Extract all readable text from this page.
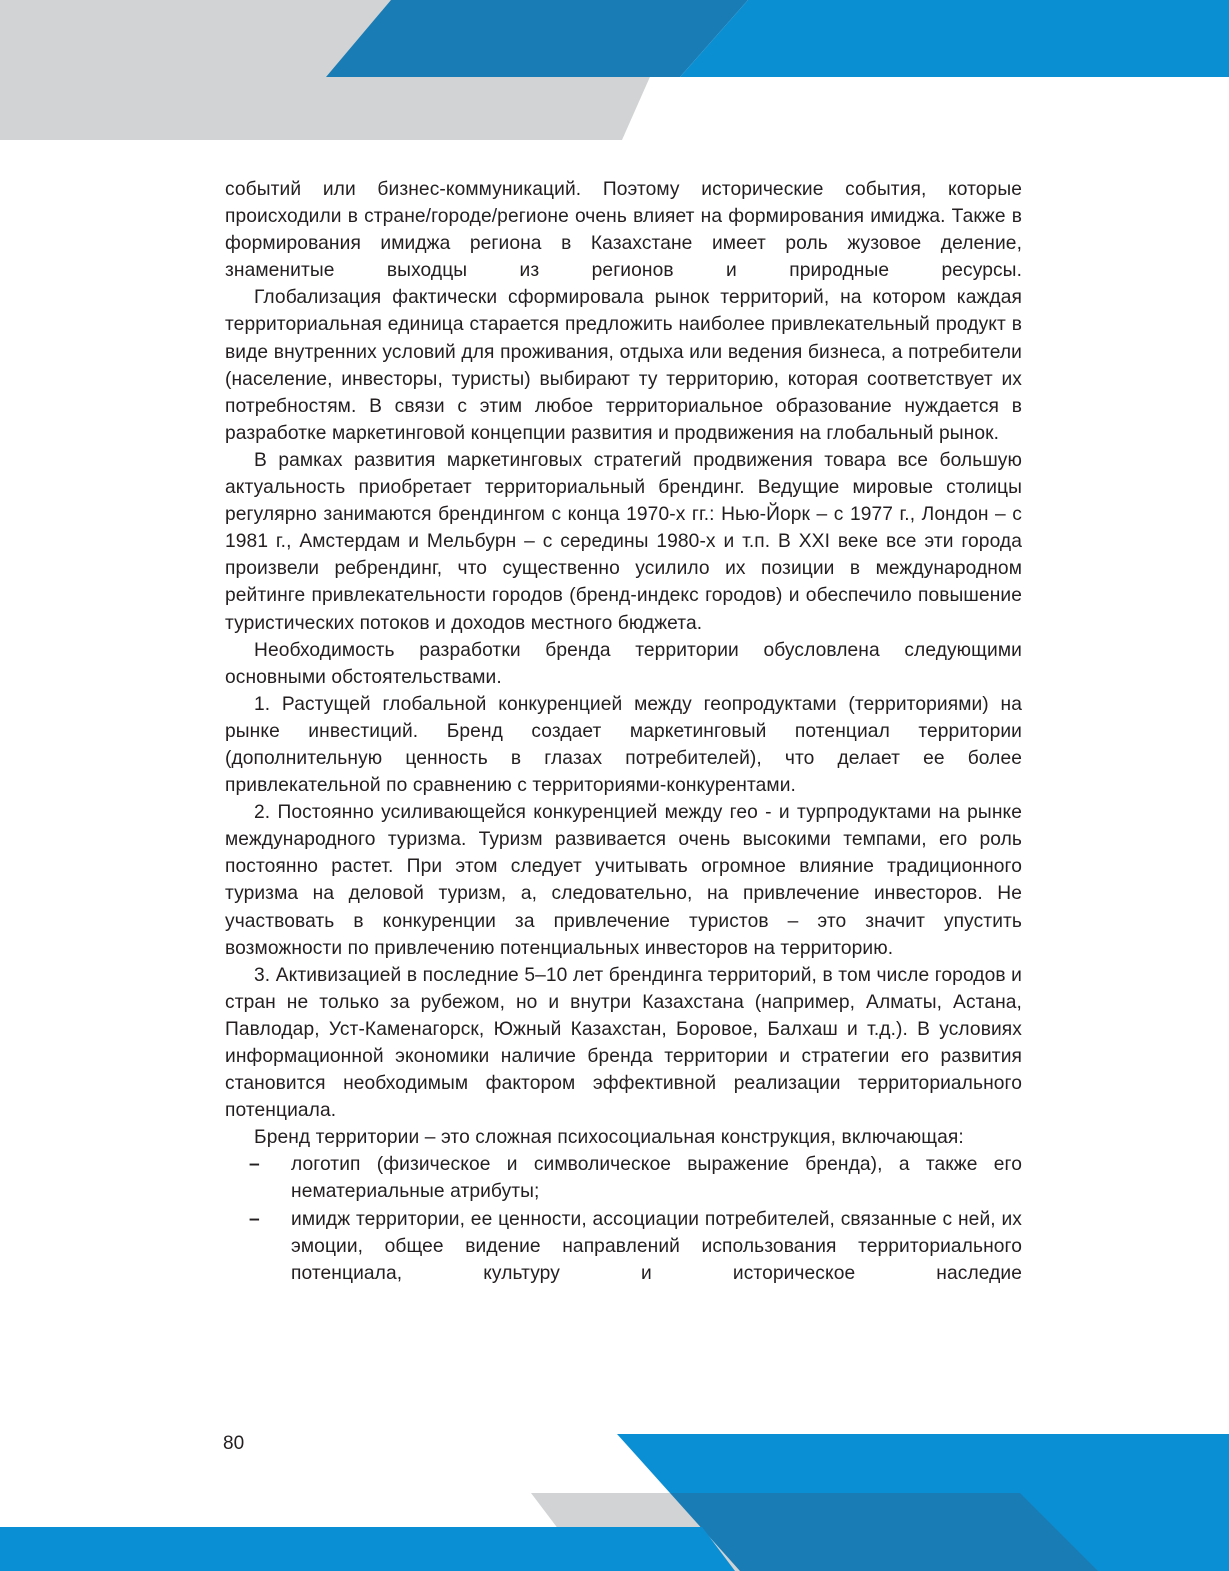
событий или бизнес-коммуникаций. Поэтому исторические события, которые происходили в стране/городе/регионе очень влияет на формирования имиджа. Также в формирования имиджа региона в Казахстане имеет роль жузовое деление, знаменитые выходцы из регионов и природные ресурсы.

Глобализация фактически сформировала рынок территорий, на котором каждая территориальная единица старается предложить наиболее привлекательный продукт в виде внутренних условий для проживания, отдыха или ведения бизнеса, а потребители (население, инвесторы, туристы) выбирают ту территорию, которая соответствует их потребностям. В связи с этим любое территориальное образование нуждается в разработке маркетинговой концепции развития и продвижения на глобальный рынок.

В рамках развития маркетинговых стратегий продвижения товара все большую актуальность приобретает территориальный брендинг. Ведущие мировые столицы регулярно занимаются брендингом с конца 1970-х гг.: Нью-Йорк – с 1977 г., Лондон – с 1981 г., Амстердам и Мельбурн – с середины 1980-х и т.п. В XXI веке все эти города произвели ребрендинг, что существенно усилило их позиции в международном рейтинге привлекательности городов (бренд-индекс городов) и обеспечило повышение туристических потоков и доходов местного бюджета.

Необходимость разработки бренда территории обусловлена следующими основными обстоятельствами.

1. Растущей глобальной конкуренцией между геопродуктами (территориями) на рынке инвестиций. Бренд создает маркетинговый потенциал территории (дополнительную ценность в глазах потребителей), что делает ее более привлекательной по сравнению с территориями-конкурентами.

2. Постоянно усиливающейся конкуренцией между гео - и турпродуктами на рынке международного туризма. Туризм развивается очень высокими темпами, его роль постоянно растет. При этом следует учитывать огромное влияние традиционного туризма на деловой туризм, а, следовательно, на привлечение инвесторов. Не участвовать в конкуренции за привлечение туристов – это значит упустить возможности по привлечению потенциальных инвесторов на территорию.

3. Активизацией в последние 5–10 лет брендинга территорий, в том числе городов и стран не только за рубежом, но и внутри Казахстана (например, Алматы, Астана, Павлодар, Уст-Каменагорск, Южный Казахстан, Боровое, Балхаш и т.д.). В условиях информационной экономики наличие бренда территории и стратегии его развития становится необходимым фактором эффективной реализации территориального потенциала.

Бренд территории – это сложная психосоциальная конструкция, включающая:

– логотип (физическое и символическое выражение бренда), а также его нематериальные атрибуты;
– имидж территории, ее ценности, ассоциации потребителей, связанные с ней, их эмоции, общее видение направлений использования территориального потенциала, культуру и историческое наследие
80
